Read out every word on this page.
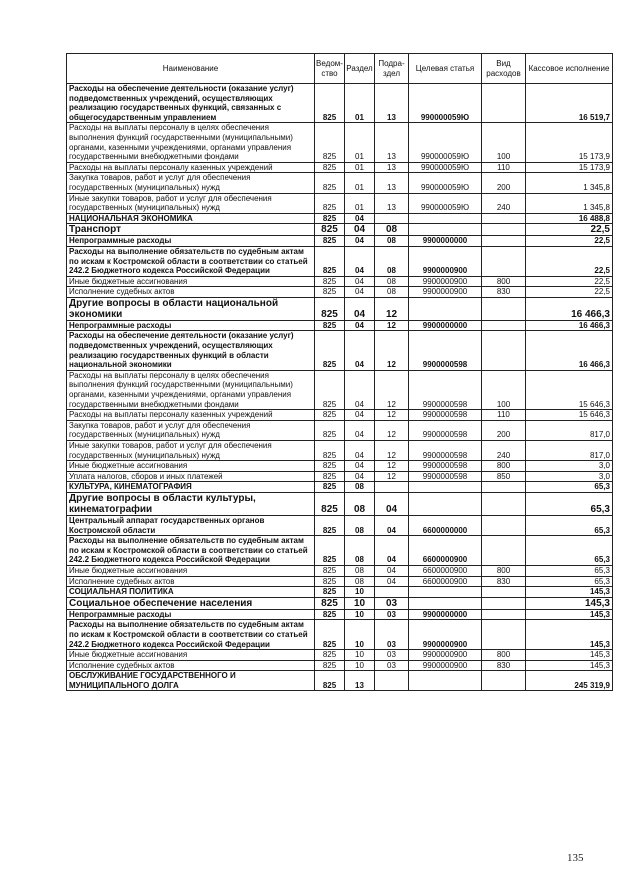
Наименование	Ведом-ство	Раздел	Подра-здел	Целевая статья	Вид расходов	Кассовое исполнение
Расходы на обеспечение деятельности (оказание услуг) подведомственных учреждений, осуществляющих реализацию государственных функций, связанных с общегосударственным управлением	825	01	13	990000059Ю		16 519,7
Расходы на выплаты персоналу в целях обеспечения выполнения функций государственными (муниципальными) органами, казенными учреждениями, органами управления государственными внебюджетными фондами	825	01	13	990000059Ю	100	15 173,9
Расходы на выплаты персоналу казенных учреждений	825	01	13	990000059Ю	110	15 173,9
Закупка товаров, работ и услуг для обеспечения государственных (муниципальных) нужд	825	01	13	990000059Ю	200	1 345,8
Иные закупки товаров, работ и услуг для обеспечения государственных (муниципальных) нужд	825	01	13	990000059Ю	240	1 345,8
НАЦИОНАЛЬНАЯ ЭКОНОМИКА	825	04				16 488,8
Транспорт	825	04	08			22,5
Непрограммные расходы	825	04	08	9900000000		22,5
Расходы на выполнение обязательств по судебным актам по искам к Костромской области в соответствии со статьей 242.2 Бюджетного кодекса Российской Федерации	825	04	08	9900000900		22,5
Иные бюджетные ассигнования	825	04	08	9900000900	800	22,5
Исполнение судебных актов	825	04	08	9900000900	830	22,5
Другие вопросы в области национальной экономики	825	04	12			16 466,3
Непрограммные расходы	825	04	12	9900000000		16 466,3
Расходы на обеспечение деятельности (оказание услуг) подведомственных учреждений, осуществляющих реализацию государственных функций в области национальной экономики	825	04	12	9900000598		16 466,3
Расходы на выплаты персоналу в целях обеспечения выполнения функций государственными (муниципальными) органами, казенными учреждениями, органами управления государственными внебюджетными фондами	825	04	12	9900000598	100	15 646,3
Расходы на выплаты персоналу казенных учреждений	825	04	12	9900000598	110	15 646,3
Закупка товаров, работ и услуг для обеспечения государственных (муниципальных) нужд	825	04	12	9900000598	200	817,0
Иные закупки товаров, работ и услуг для обеспечения государственных (муниципальных) нужд	825	04	12	9900000598	240	817,0
Иные бюджетные ассигнования	825	04	12	9900000598	800	3,0
Уплата налогов, сборов и иных платежей	825	04	12	9900000598	850	3,0
КУЛЬТУРА, КИНЕМАТОГРАФИЯ	825	08				65,3
Другие вопросы в области культуры, кинематографии	825	08	04			65,3
Центральный аппарат государственных органов Костромской области	825	08	04	6600000000		65,3
Расходы на выполнение обязательств по судебным актам по искам к Костромской области в соответствии со статьей 242.2 Бюджетного кодекса Российской Федерации	825	08	04	6600000900		65,3
Иные бюджетные ассигнования	825	08	04	6600000900	800	65,3
Исполнение судебных актов	825	08	04	6600000900	830	65,3
СОЦИАЛЬНАЯ ПОЛИТИКА	825	10				145,3
Социальное обеспечение населения	825	10	03			145,3
Непрограммные расходы	825	10	03	9900000000		145,3
Расходы на выполнение обязательств по судебным актам по искам к Костромской области в соответствии со статьей 242.2 Бюджетного кодекса Российской Федерации	825	10	03	9900000900		145,3
Иные бюджетные ассигнования	825	10	03	9900000900	800	145,3
Исполнение судебных актов	825	10	03	9900000900	830	145,3
ОБСЛУЖИВАНИЕ ГОСУДАРСТВЕННОГО И МУНИЦИПАЛЬНОГО ДОЛГА	825	13				245 319,9
135
